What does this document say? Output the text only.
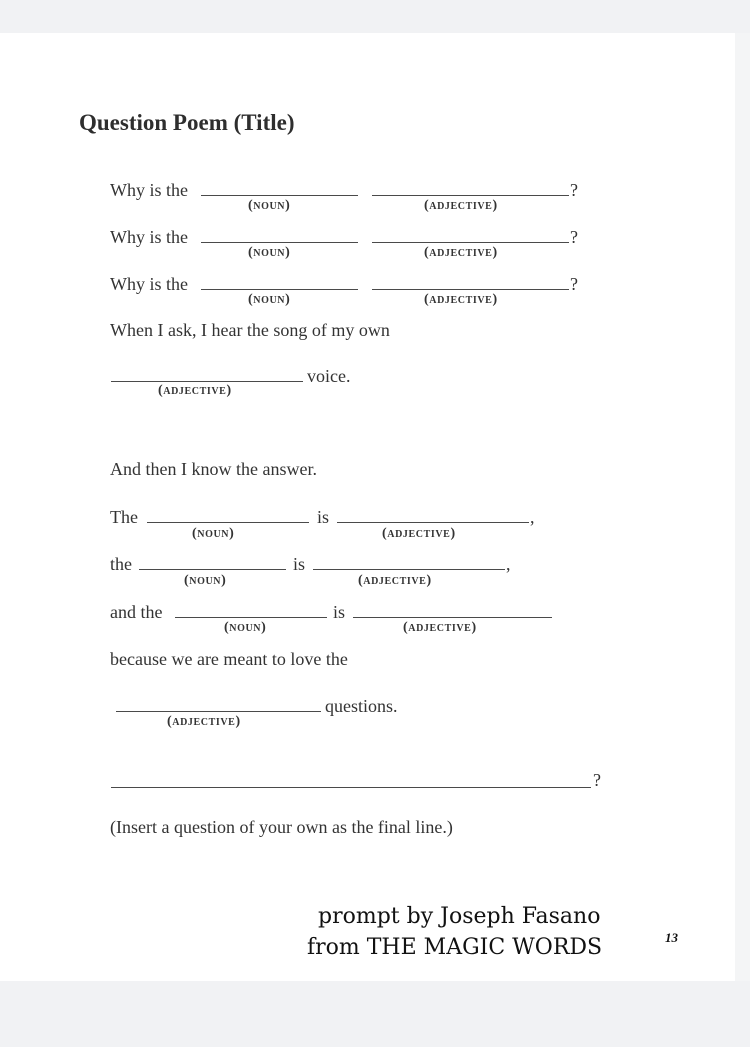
Question Poem (Title)
Why is the	?
(noun)	(adjective)
Why is the	?
(noun)	(adjective)
Why is the	?
(noun)	(adjective)
When I ask, I hear the song of my own
voice.
(adjective)
And then I know the answer.
The	is	,
(noun)	(adjective)
the	is	,
(noun)	(adjective)
and the	is
(noun)	(adjective)
because we are meant to love the
questions.
(adjective)
?
(Insert a question of your own as the final line.)
prompt by Joseph Fasano
from THE MAGIC WORDS	13
